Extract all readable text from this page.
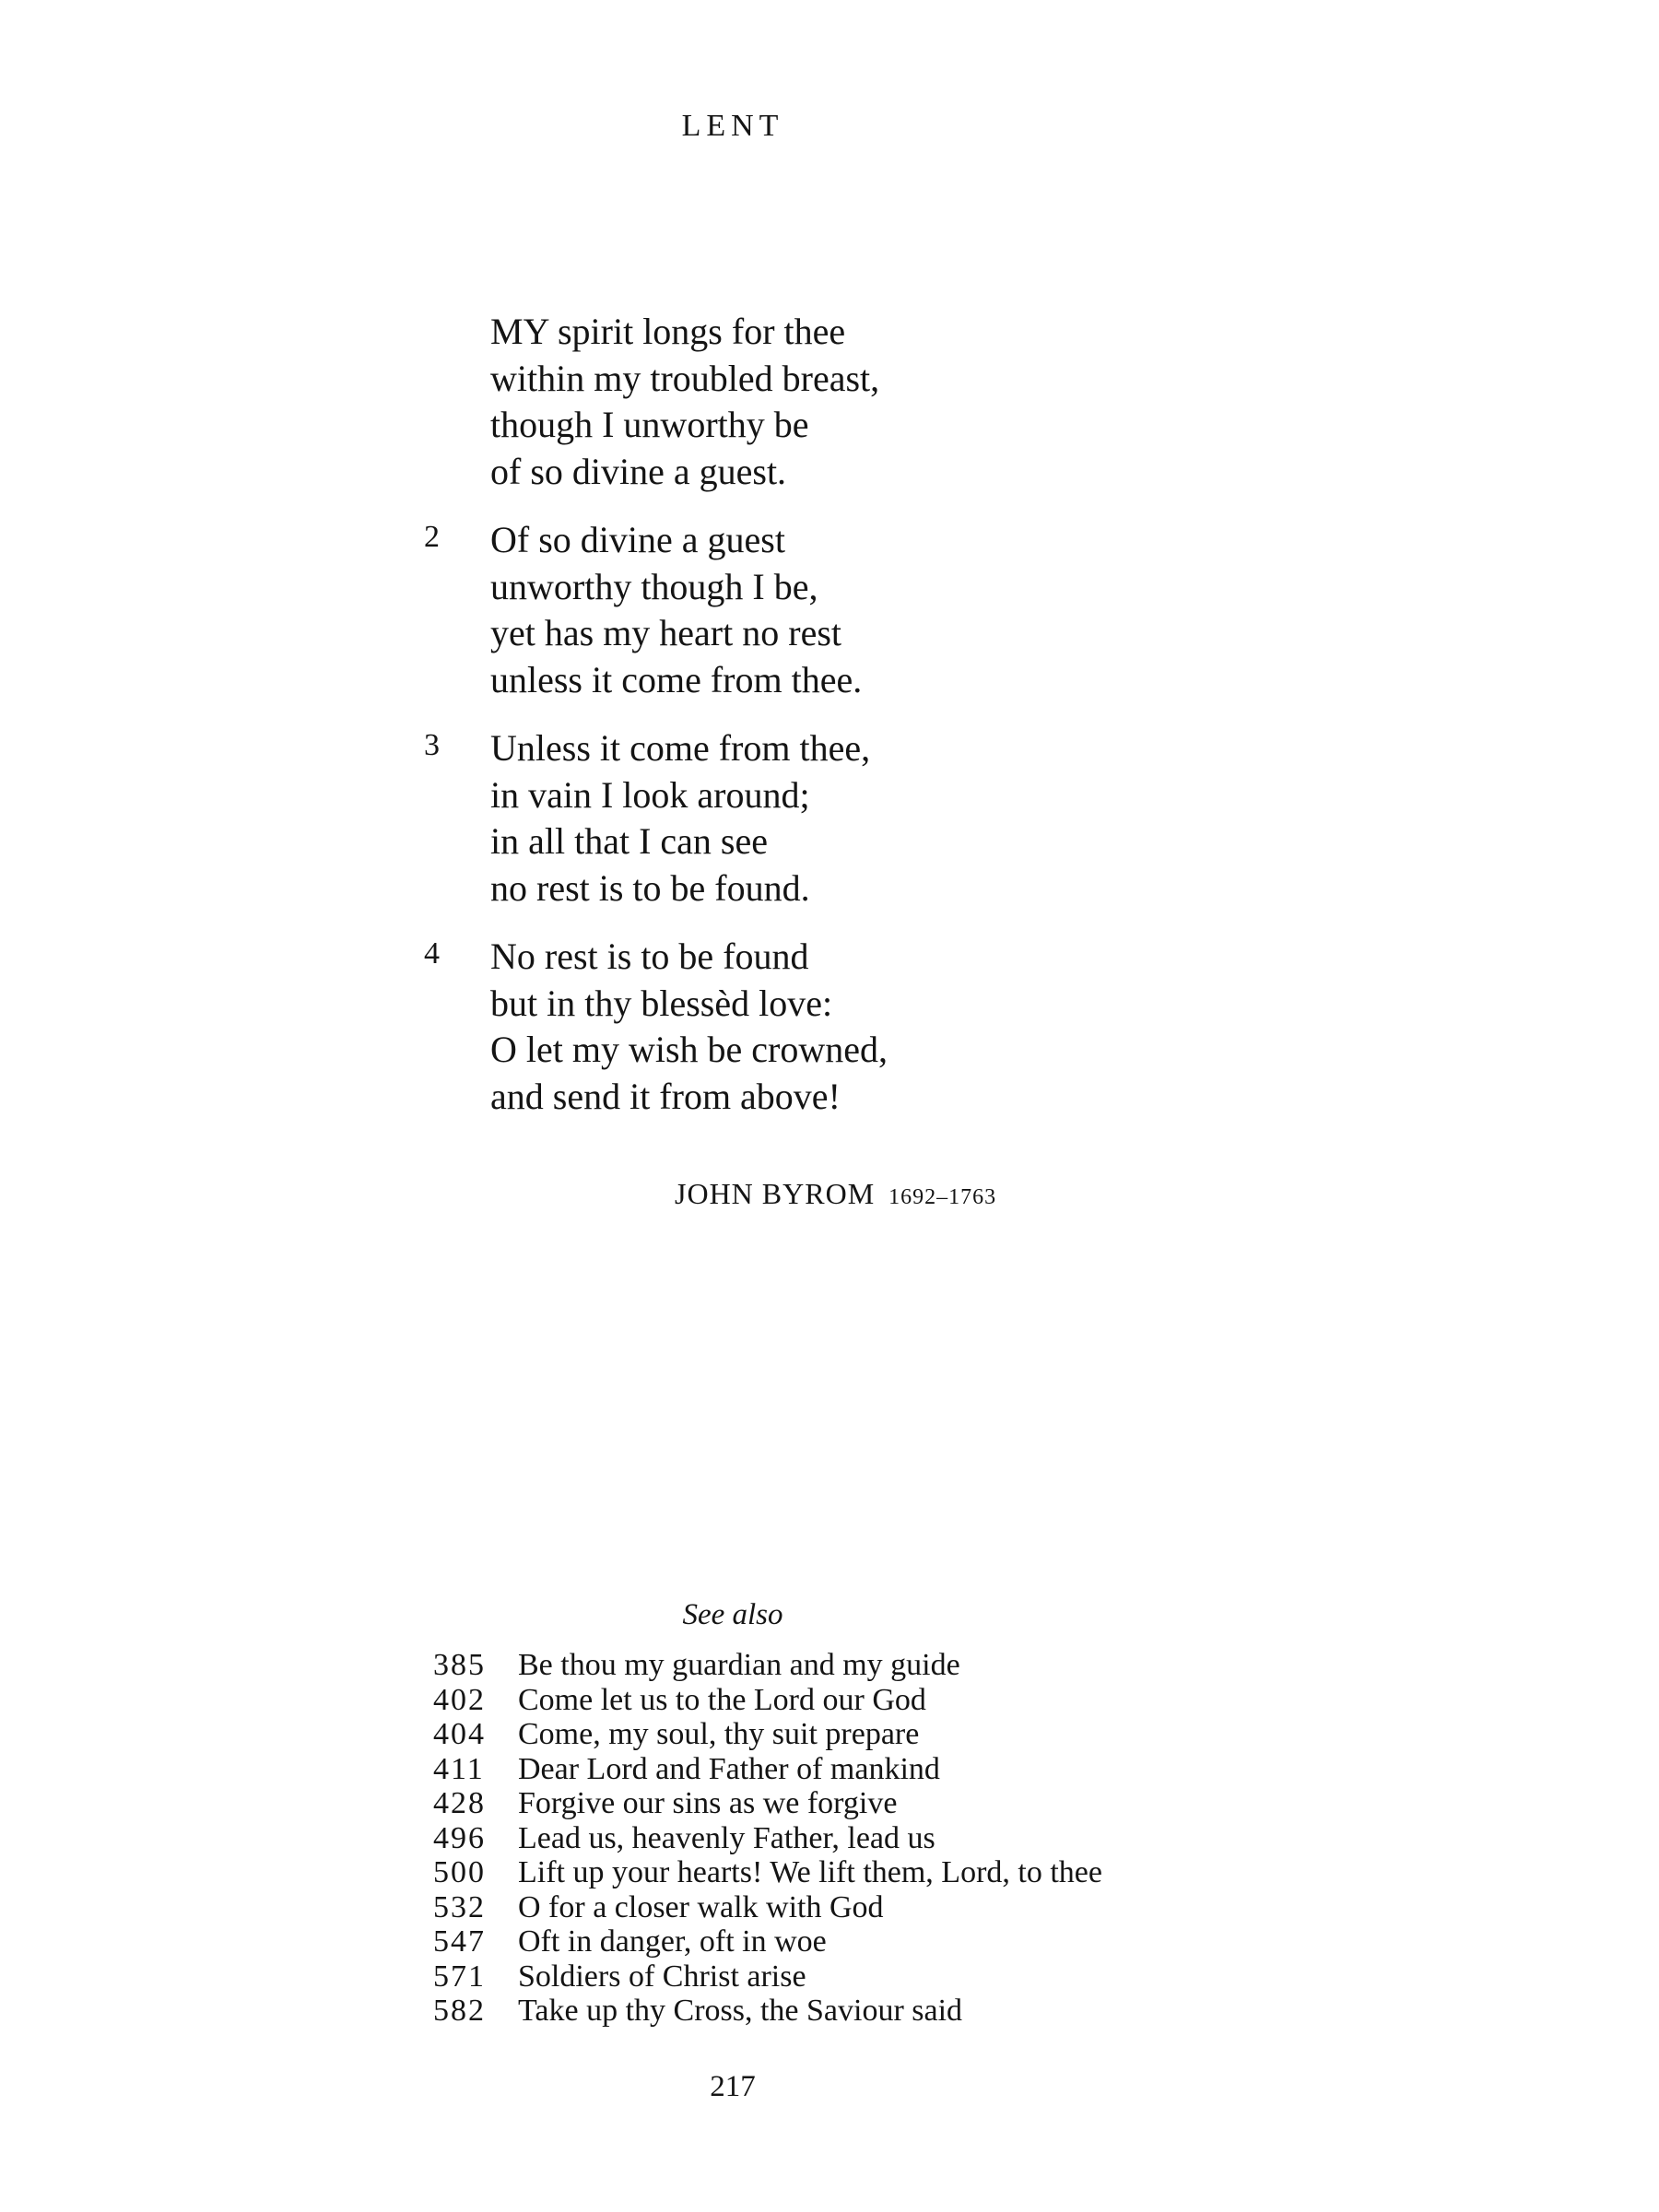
LENT
MY spirit longs for thee
within my troubled breast,
though I unworthy be
of so divine a guest.
2 Of so divine a guest
unworthy though I be,
yet has my heart no rest
unless it come from thee.
3 Unless it come from thee,
in vain I look around;
in all that I can see
no rest is to be found.
4 No rest is to be found
but in thy blessèd love:
O let my wish be crowned,
and send it from above!
JOHN BYROM 1692–1763
See also
385 Be thou my guardian and my guide
402 Come let us to the Lord our God
404 Come, my soul, thy suit prepare
411 Dear Lord and Father of mankind
428 Forgive our sins as we forgive
496 Lead us, heavenly Father, lead us
500 Lift up your hearts! We lift them, Lord, to thee
532 O for a closer walk with God
547 Oft in danger, oft in woe
571 Soldiers of Christ arise
582 Take up thy Cross, the Saviour said
217
